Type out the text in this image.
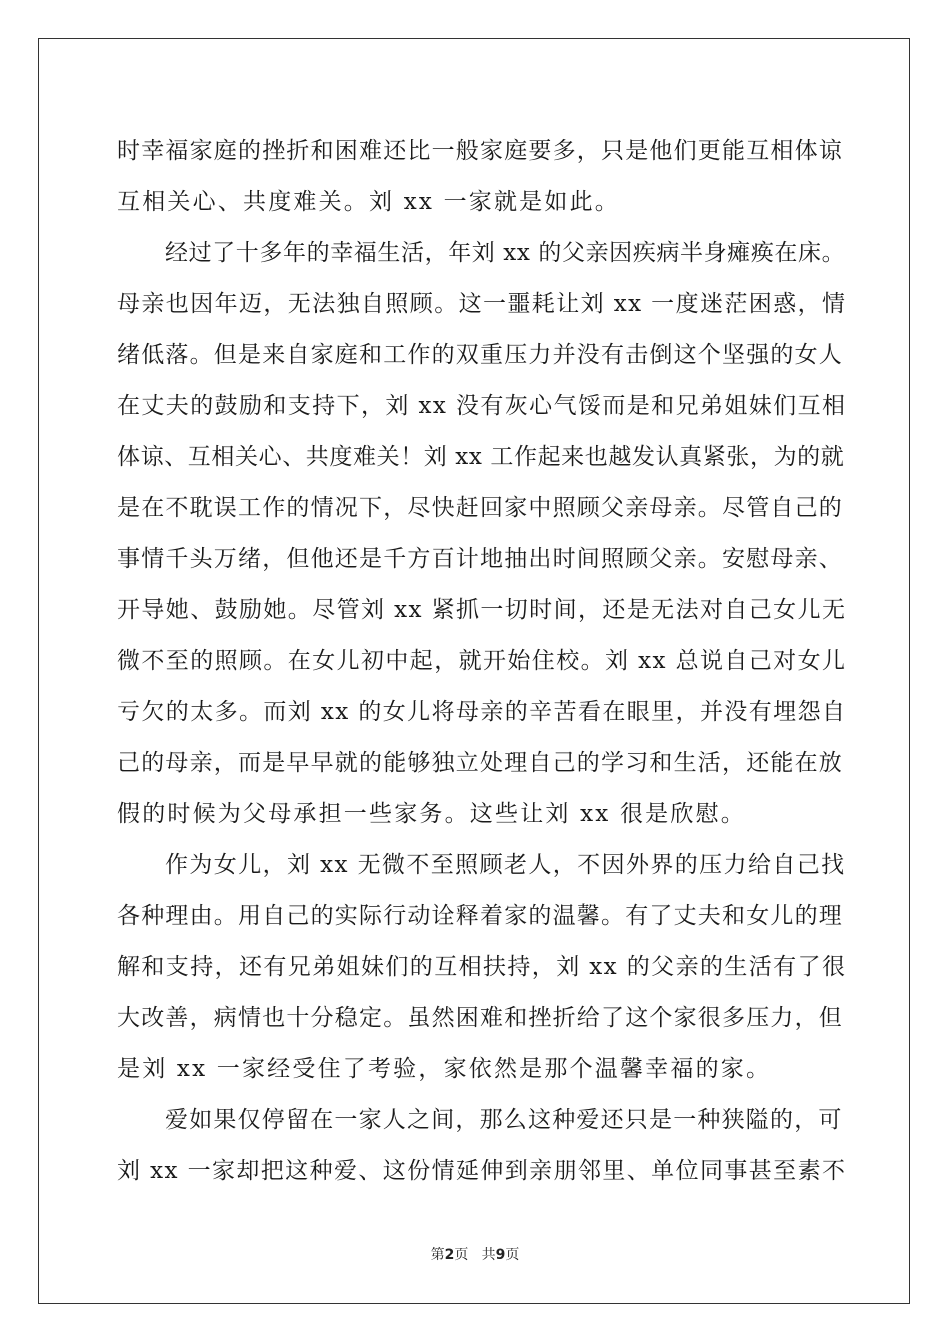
时幸福家庭的挫折和困难还比一般家庭要多，只是他们更能互相体谅
互相关心、共度难关。刘 xx 一家就是如此。
经过了十多年的幸福生活，年刘 xx 的父亲因疾病半身瘫痪在床。
母亲也因年迈，无法独自照顾。这一噩耗让刘 xx 一度迷茫困惑，情
绪低落。但是来自家庭和工作的双重压力并没有击倒这个坚强的女人
在丈夫的鼓励和支持下，刘 xx 没有灰心气馁而是和兄弟姐妹们互相
体谅、互相关心、共度难关！刘 xx 工作起来也越发认真紧张，为的就
是在不耽误工作的情况下，尽快赶回家中照顾父亲母亲。尽管自己的
事情千头万绪，但他还是千方百计地抽出时间照顾父亲。安慰母亲、
开导她、鼓励她。尽管刘 xx 紧抓一切时间，还是无法对自己女儿无
微不至的照顾。在女儿初中起，就开始住校。刘 xx 总说自己对女儿
亏欠的太多。而刘 xx 的女儿将母亲的辛苦看在眼里，并没有埋怨自
己的母亲，而是早早就的能够独立处理自己的学习和生活，还能在放
假的时候为父母承担一些家务。这些让刘 xx 很是欣慰。
作为女儿，刘 xx 无微不至照顾老人，不因外界的压力给自己找
各种理由。用自己的实际行动诠释着家的温馨。有了丈夫和女儿的理
解和支持，还有兄弟姐妹们的互相扶持，刘 xx 的父亲的生活有了很
大改善，病情也十分稳定。虽然困难和挫折给了这个家很多压力，但
是刘 xx 一家经受住了考验，家依然是那个温馨幸福的家。
爱如果仅停留在一家人之间，那么这种爱还只是一种狭隘的，可
刘 xx 一家却把这种爱、这份情延伸到亲朋邻里、单位同事甚至素不
第2页 共9页
